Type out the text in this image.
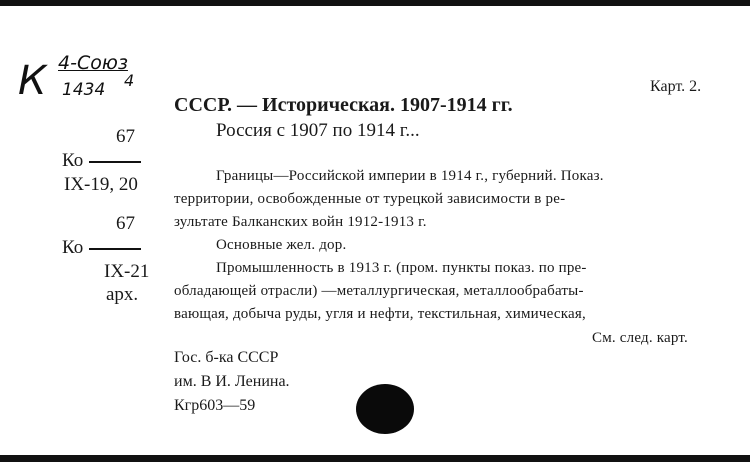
К 4-Союз
4
1434	Карт. 2.
67
Ко
IX-19, 20
67
Ко
IX-21
арх.
СССР. — Историческая. 1907-1914 гг.
Россия с 1907 по 1914 г...
Границы—Российской империи в 1914 г., губерний. Показ.
территории, освобожденные от турецкой зависимости в ре-
зультате Балканских войн 1912-1913 г.
Основные жел. дор.
Промышленность в 1913 г. (пром. пункты показ. по пре-
обладающей отрасли) —металлургическая, металлообрабаты-
вающая, добыча руды, угля и нефти, текстильная, химическая,
См. след. карт.
Гос. б-ка СССР
им. В И. Ленина.
Кгр603—59
